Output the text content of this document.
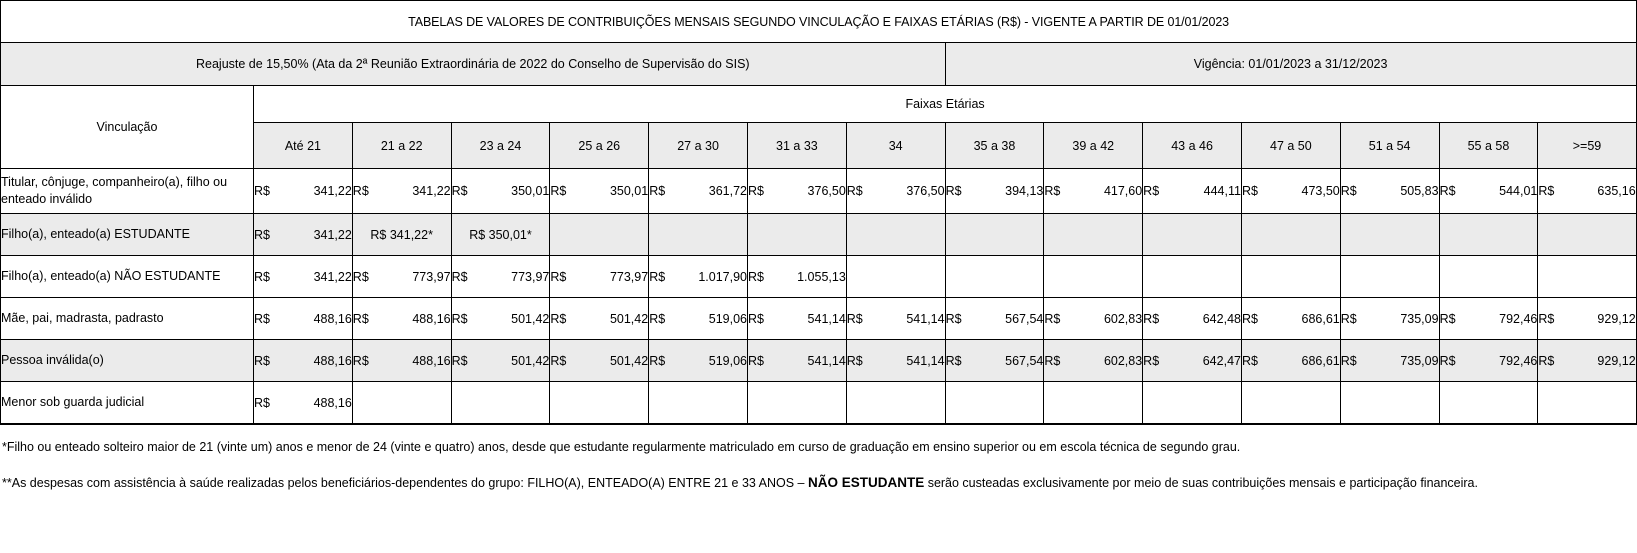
TABELAS DE VALORES DE CONTRIBUIÇÕES MENSAIS SEGUNDO VINCULAÇÃO E FAIXAS ETÁRIAS (R$) - VIGENTE A PARTIR DE 01/01/2023														
Reajuste de 15,50% (Ata da 2ª Reunião Extraordinária de 2022 do Conselho de Supervisão do SIS)								Vigência: 01/01/2023 a 31/12/2023						
Vinculação	Faixas Etárias													
	Até 21	21 a 22	23 a 24	25 a 26	27 a 30	31 a 33	34	35 a 38	39 a 42	43 a 46	47 a 50	51 a 54	55 a 58	>=59
Titular, cônjuge, companheiro(a), filho ou enteado inválido	R$ 341,22	R$ 341,22	R$ 350,01	R$ 350,01	R$ 361,72	R$ 376,50	R$ 376,50	R$ 394,13	R$ 417,60	R$ 444,11	R$ 473,50	R$ 505,83	R$ 544,01	R$ 635,16

Filho(a), enteado(a) ESTUDANTE	R$ 341,22	R$ 341,22*	R$ 350,01*											
Filho(a), enteado(a) NÃO ESTUDANTE	R$ 341,22	R$ 773,97	R$ 773,97	R$ 773,97	R$ 1.017,90	R$ 1.055,13								

Mãe, pai, madrasta, padrasto	R$ 488,16	R$ 488,16	R$ 501,42	R$ 501,42	R$ 519,06	R$ 541,14	R$ 541,14	R$ 567,54	R$ 602,83	R$ 642,48	R$ 686,61	R$ 735,09	R$ 792,46	R$ 929,12

Pessoa inválida(o)	R$ 488,16	R$ 488,16	R$ 501,42	R$ 501,42	R$ 519,06	R$ 541,14	R$ 541,14	R$ 567,54	R$ 602,83	R$ 642,47	R$ 686,61	R$ 735,09	R$ 792,46	R$ 929,12

Menor sob guarda judicial	R$ 488,16													

*Filho ou enteado solteiro maior de 21 (vinte um) anos e menor de 24 (vinte e quatro) anos, desde que estudante regularmente matriculado em curso de graduação em ensino superior ou em escola técnica de segundo grau.
**As despesas com assistência à saúde realizadas pelos beneficiários-dependentes do grupo: FILHO(A), ENTEADO(A) ENTRE 21 e 33 ANOS – NÃO ESTUDANTE serão custeadas exclusivamente por meio de suas contribuições mensais e participação financeira.
